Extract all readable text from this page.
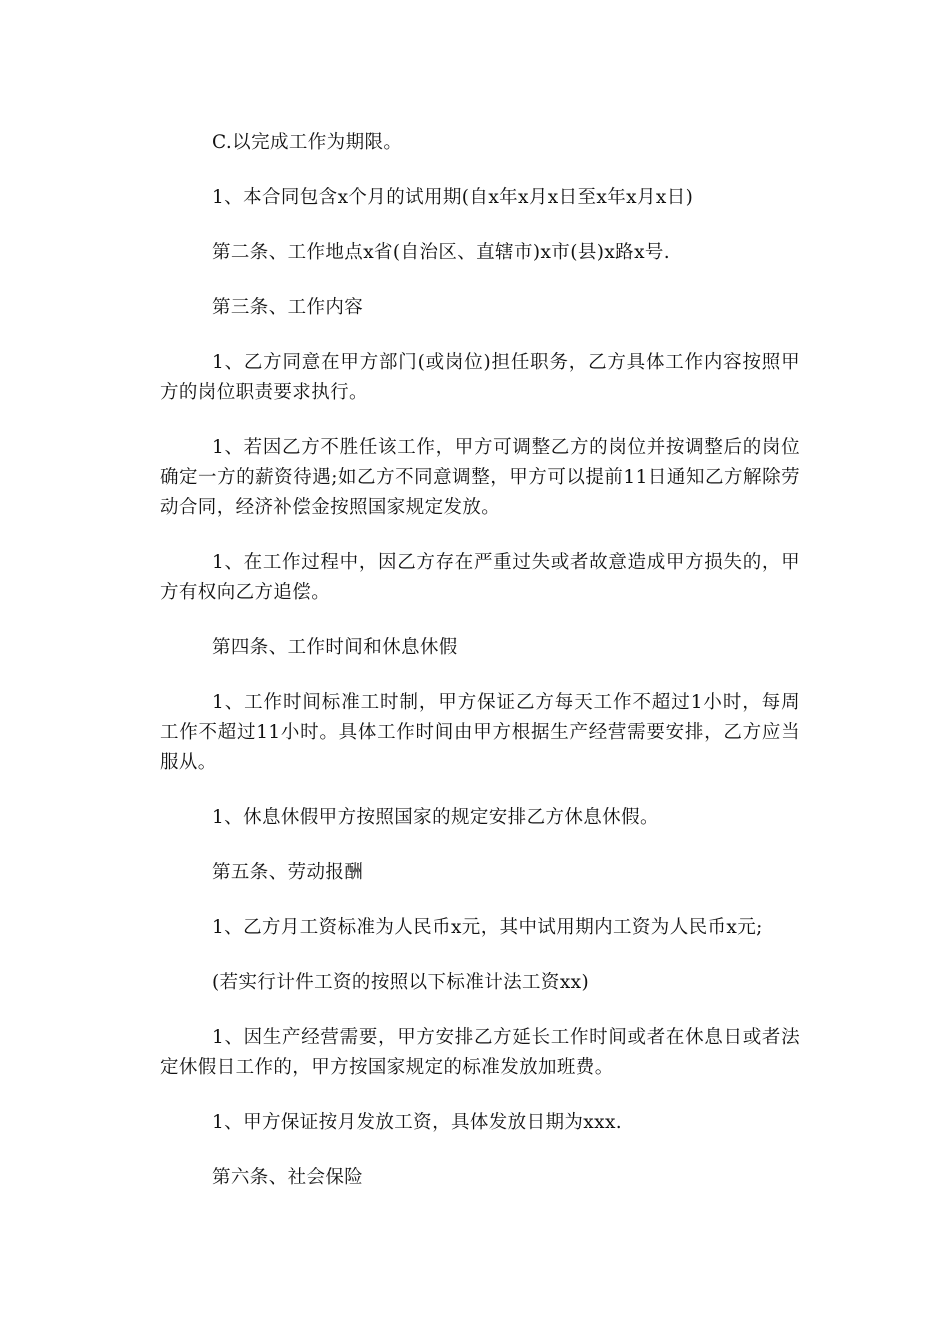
C.以完成工作为期限。

1、本合同包含x个月的试用期(自x年x月x日至x年x月x日)

第二条、工作地点x省(自治区、直辖市)x市(县)x路x号.

第三条、工作内容

1、乙方同意在甲方部门(或岗位)担任职务，乙方具体工作内容按照甲方的岗位职责要求执行。

1、若因乙方不胜任该工作，甲方可调整乙方的岗位并按调整后的岗位确定一方的薪资待遇;如乙方不同意调整，甲方可以提前11日通知乙方解除劳动合同，经济补偿金按照国家规定发放。

1、在工作过程中，因乙方存在严重过失或者故意造成甲方损失的，甲方有权向乙方追偿。

第四条、工作时间和休息休假

1、工作时间标准工时制，甲方保证乙方每天工作不超过1小时，每周工作不超过11小时。具体工作时间由甲方根据生产经营需要安排，乙方应当服从。

1、休息休假甲方按照国家的规定安排乙方休息休假。

第五条、劳动报酬

1、乙方月工资标准为人民币x元，其中试用期内工资为人民币x元;

(若实行计件工资的按照以下标准计法工资xx)

1、因生产经营需要，甲方安排乙方延长工作时间或者在休息日或者法定休假日工作的，甲方按国家规定的标准发放加班费。

1、甲方保证按月发放工资，具体发放日期为xxx.

第六条、社会保险
